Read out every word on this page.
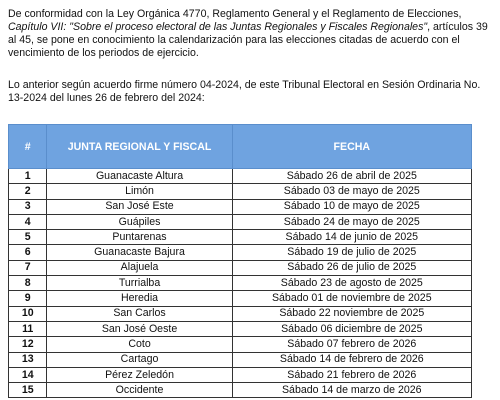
De conformidad con la Ley Orgánica 4770, Reglamento General y el Reglamento de Elecciones, Capítulo VII: "Sobre el proceso electoral de las Juntas Regionales y Fiscales Regionales", artículos 39 al 45, se pone en conocimiento la calendarización para las elecciones citadas de acuerdo con el vencimiento de los periodos de ejercicio.

Lo anterior según acuerdo firme número 04-2024, de este Tribunal Electoral en Sesión Ordinaria No. 13-2024 del lunes 26 de febrero del 2024:

#	JUNTA REGIONAL Y FISCAL	FECHA
1	Guanacaste Altura	Sábado 26 de abril de 2025
2	Limón	Sábado 03 de mayo de 2025
3	San José Este	Sábado 10 de mayo de 2025
4	Guápiles	Sábado 24 de mayo de 2025
5	Puntarenas	Sábado 14 de junio de 2025
6	Guanacaste Bajura	Sábado 19 de julio de 2025
7	Alajuela	Sábado 26 de julio de 2025
8	Turrialba	Sábado 23 de agosto de 2025
9	Heredia	Sábado 01 de noviembre de 2025
10	San Carlos	Sábado 22 noviembre de 2025
11	San José Oeste	Sábado 06 diciembre de 2025
12	Coto	Sábado 07 febrero de 2026
13	Cartago	Sábado 14 de febrero de 2026
14	Pérez Zeledón	Sábado 21 febrero de 2026
15	Occidente	Sábado 14 de marzo de 2026
